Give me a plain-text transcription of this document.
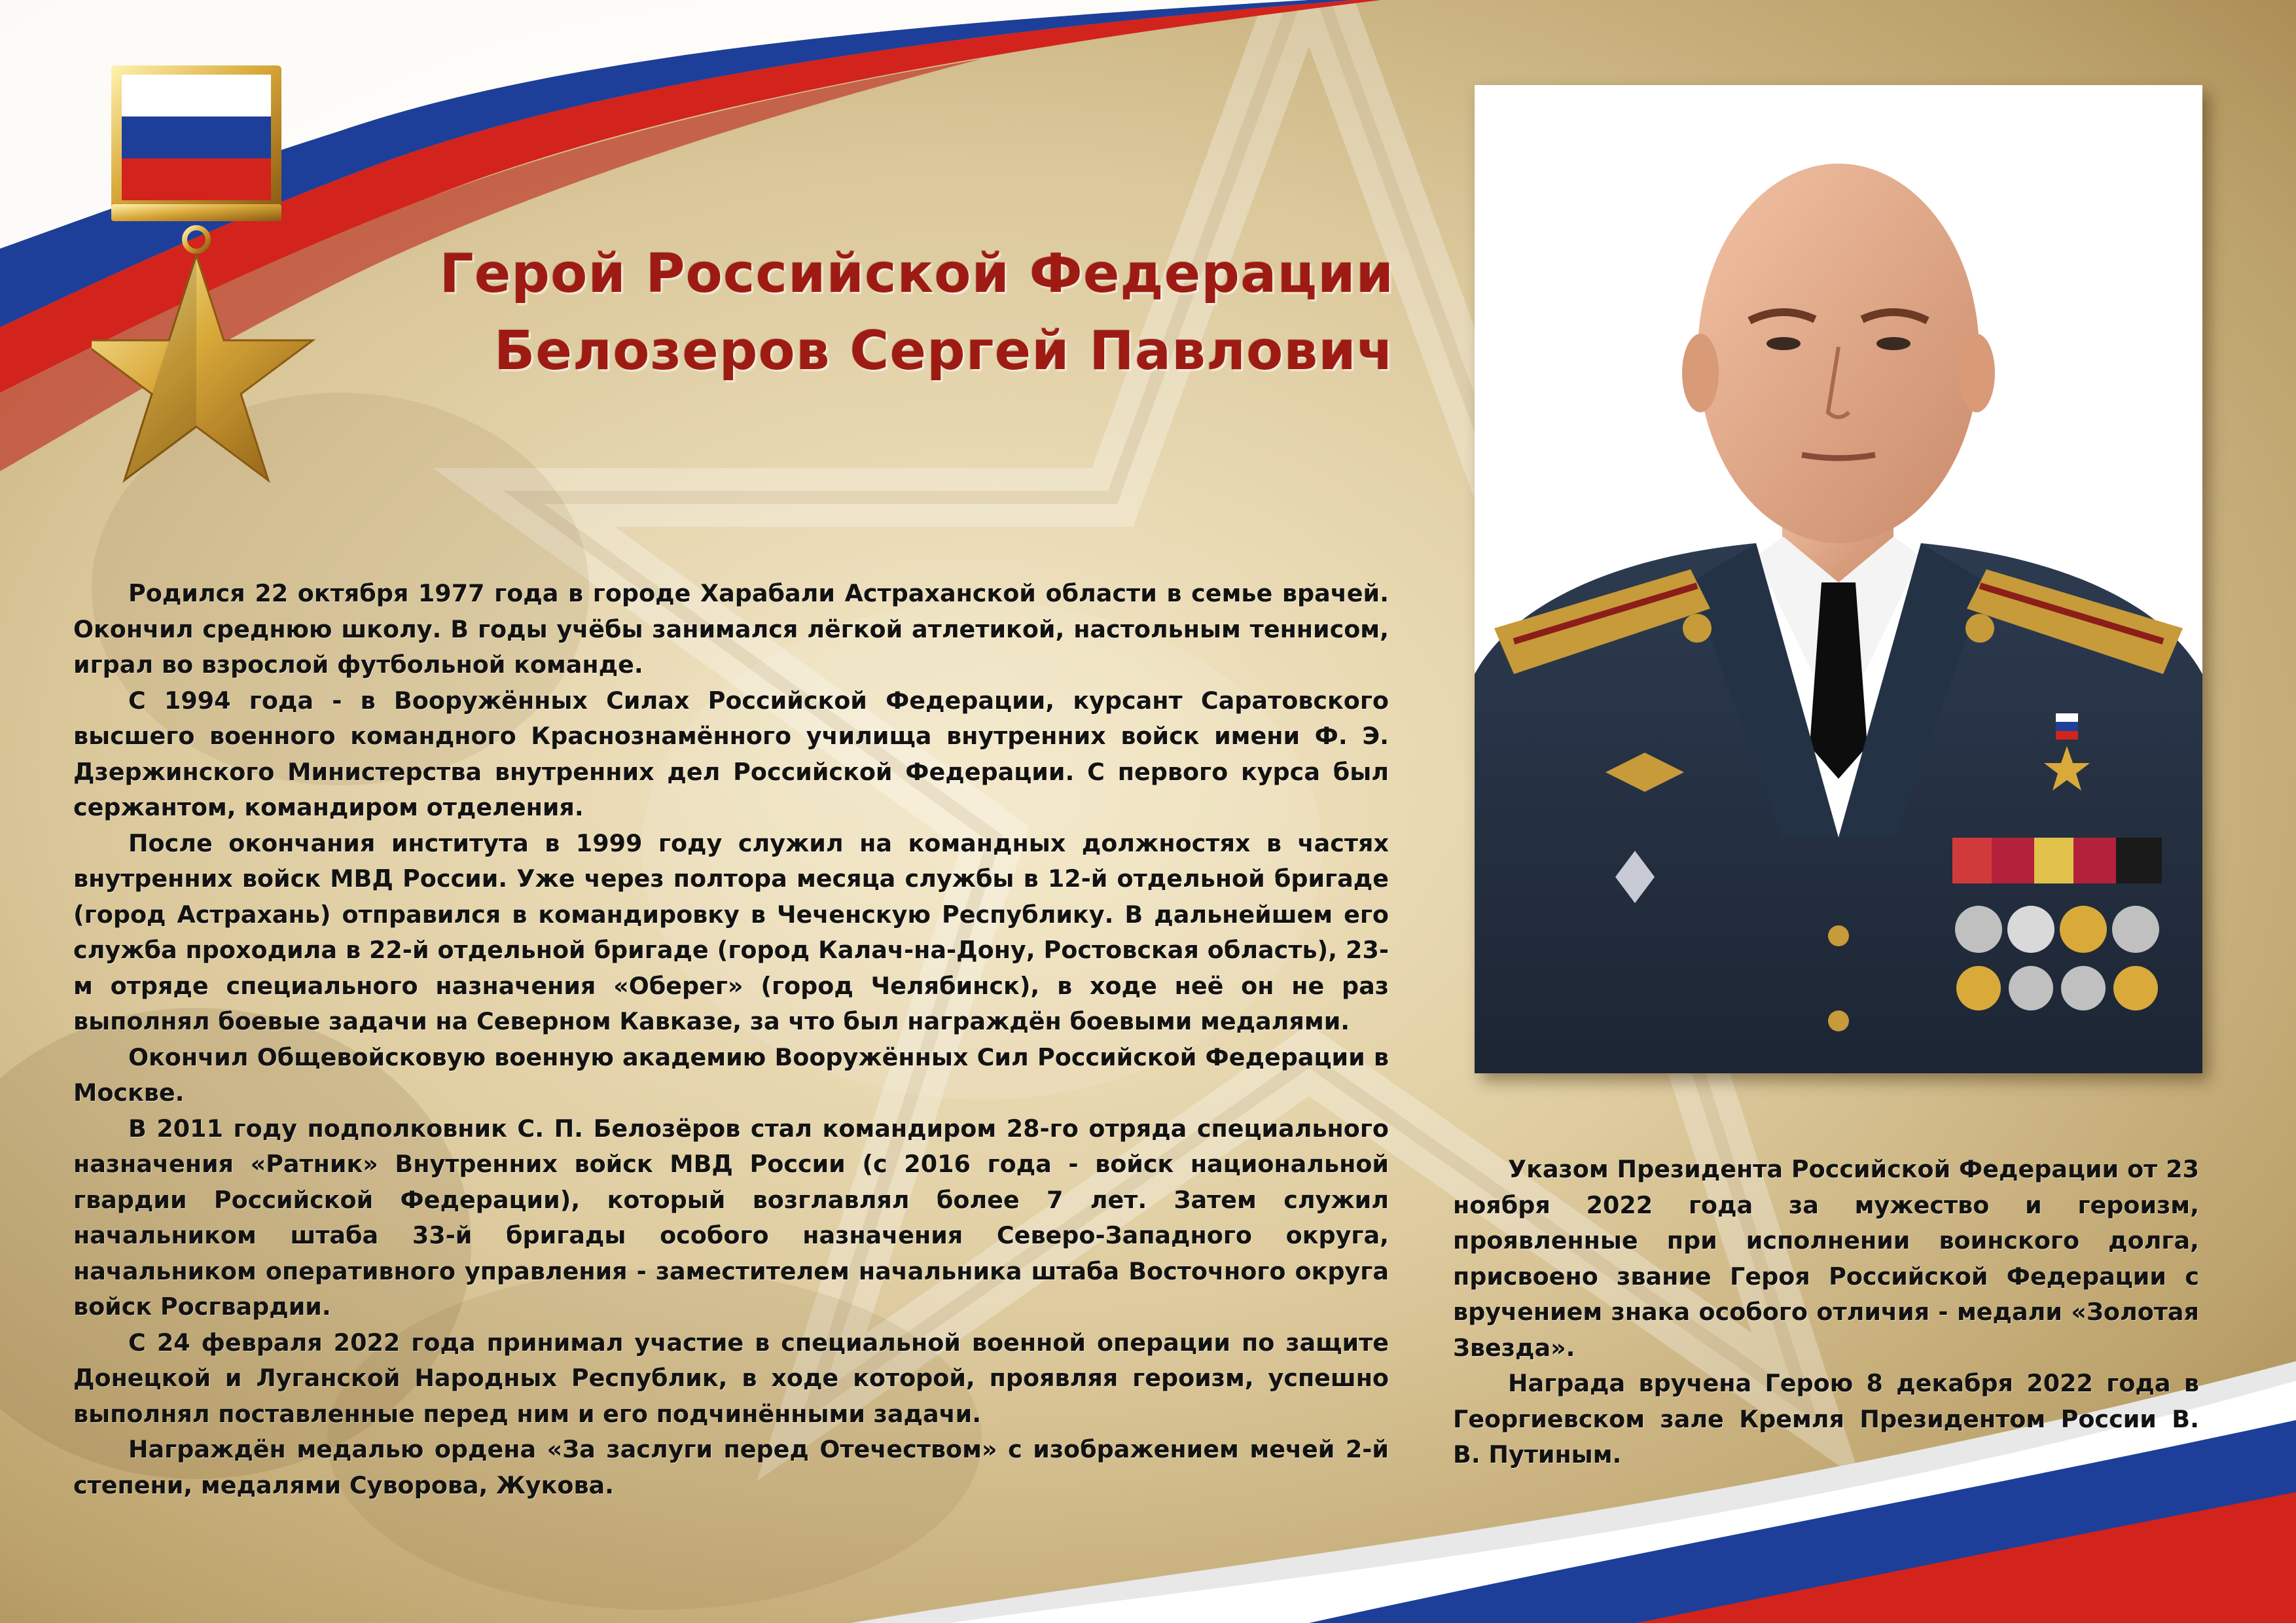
Герой Российской Федерации
Белозеров Сергей Павлович

Родился 22 октября 1977 года в городе Харабали Астраханской области в семье врачей. Окончил среднюю школу. В годы учёбы занимался лёгкой атлетикой, настольным теннисом, играл во взрослой футбольной команде.

С 1994 года - в Вооружённых Силах Российской Федерации, курсант Саратовского высшего военного командного Краснознамённого училища внутренних войск имени Ф. Э. Дзержинского Министерства внутренних дел Российской Федерации. С первого курса был сержантом, командиром отделения.

После окончания института в 1999 году служил на командных должностях в частях внутренних войск МВД России. Уже через полтора месяца службы в 12-й отдельной бригаде (город Астрахань) отправился в командировку в Чеченскую Республику. В дальнейшем его служба проходила в 22-й отдельной бригаде (город Калач-на-Дону, Ростовская область), 23-м отряде специального назначения «Оберег» (город Челябинск), в ходе неё он не раз выполнял боевые задачи на Северном Кавказе, за что был награждён боевыми медалями.

Окончил Общевойсковую военную академию Вооружённых Сил Российской Федерации в Москве.

В 2011 году подполковник С. П. Белозёров стал командиром 28-го отряда специального назначения «Ратник» Внутренних войск МВД России (с 2016 года - войск национальной гвардии Российской Федерации), который возглавлял более 7 лет. Затем служил начальником штаба 33-й бригады особого назначения Северо-Западного округа, начальником оперативного управления - заместителем начальника штаба Восточного округа войск Росгвардии.

С 24 февраля 2022 года принимал участие в специальной военной операции по защите Донецкой и Луганской Народных Республик, в ходе которой, проявляя героизм, успешно выполнял поставленные перед ним и его подчинёнными задачи.

Награждён медалью ордена «За заслуги перед Отечеством» с изображением мечей 2-й степени, медалями Суворова, Жукова.

Указом Президента Российской Федерации от 23 ноября 2022 года за мужество и героизм, проявленные при исполнении воинского долга, присвоено звание Героя Российской Федерации с вручением знака особого отличия - медали «Золотая Звезда».

Награда вручена Герою 8 декабря 2022 года в Георгиевском зале Кремля Президентом России В. В. Путиным.
